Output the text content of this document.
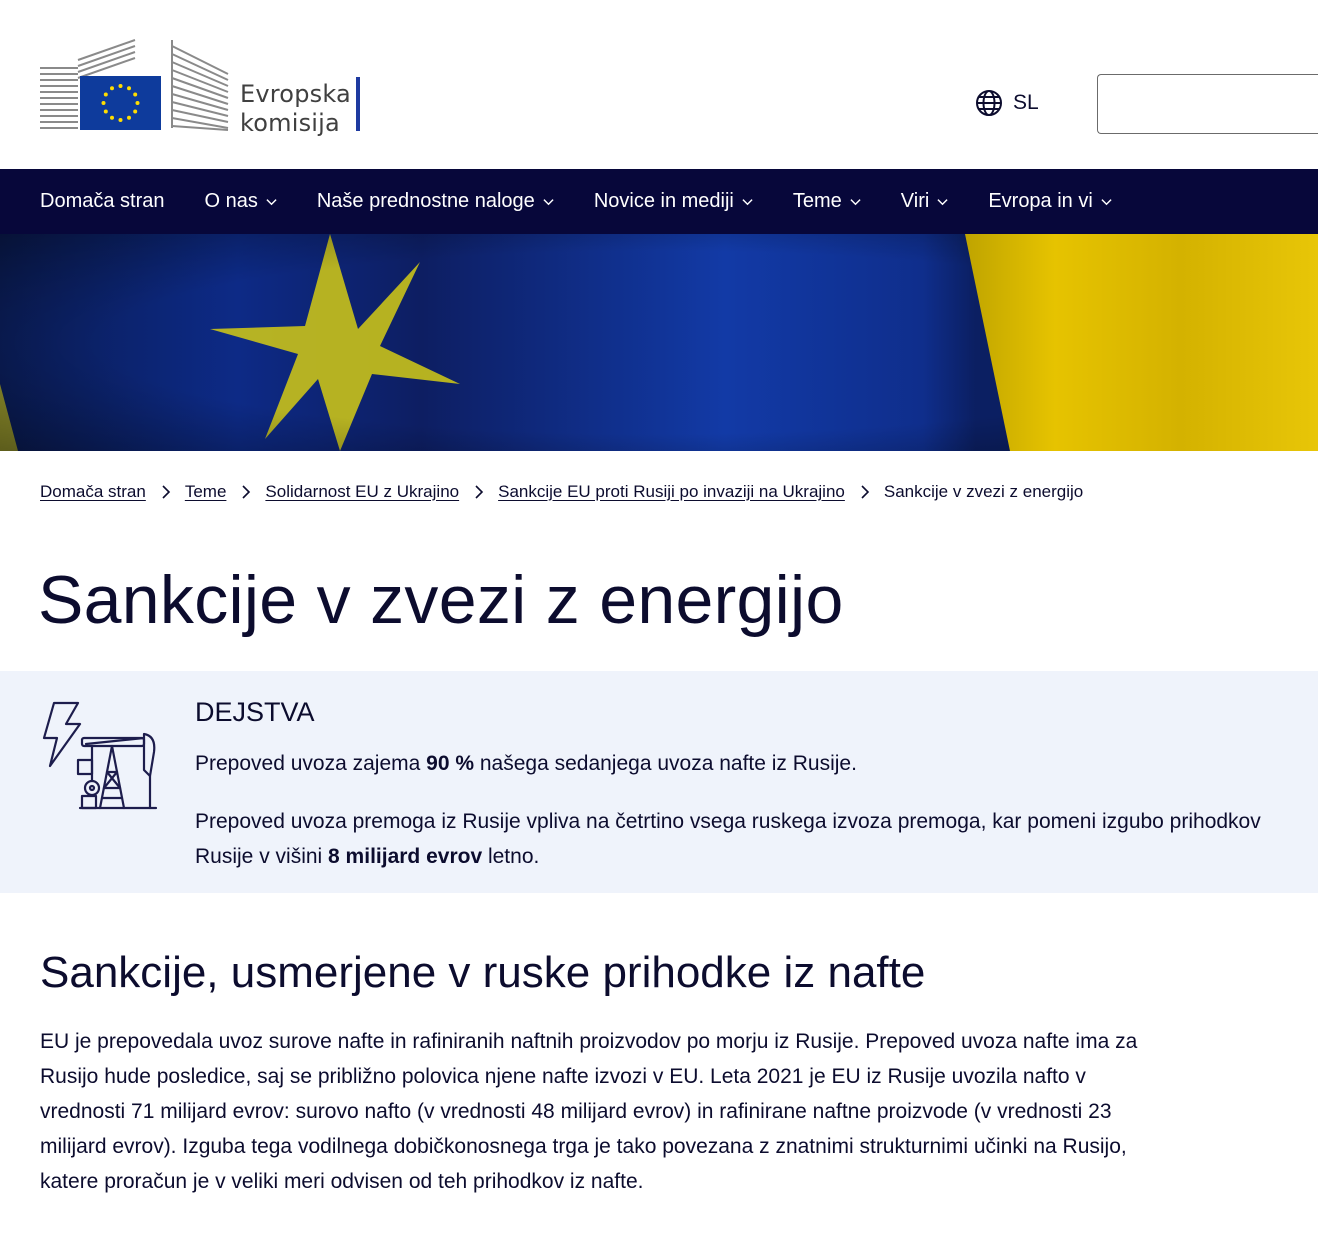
Evropska
komisija
SL
Domača stran O nas	Naše prednostne naloge	Novice in mediji	Teme	Viri	Evropa in vi
Domača stran Teme Solidarnost EU z Ukrajino Sankcije EU proti Rusiji po invaziji na Ukrajino Sankcije v zvezi z energijo
Sankcije v zvezi z energijo
DEJSTVA

Prepoved uvoza zajema 90 % našega sedanjega uvoza nafte iz Rusije.

Prepoved uvoza premoga iz Rusije vpliva na četrtino vsega ruskega izvoza premoga, kar pomeni izgubo prihodkov Rusije v višini 8 milijard evrov letno.

Sankcije, usmerjene v ruske prihodke iz nafte

EU je prepovedala uvoz surove nafte in rafiniranih naftnih proizvodov po morju iz Rusije. Prepoved uvoza nafte ima za Rusijo hude posledice, saj se približno polovica njene nafte izvozi v EU. Leta 2021 je EU iz Rusije uvozila nafto v vrednosti 71 milijard evrov: surovo nafto (v vrednosti 48 milijard evrov) in rafinirane naftne proizvode (v vrednosti 23 milijard evrov). Izguba tega vodilnega dobičkonosnega trga je tako povezana z znatnimi strukturnimi učinki na Rusijo, katere proračun je v veliki meri odvisen od teh prihodkov iz nafte.
